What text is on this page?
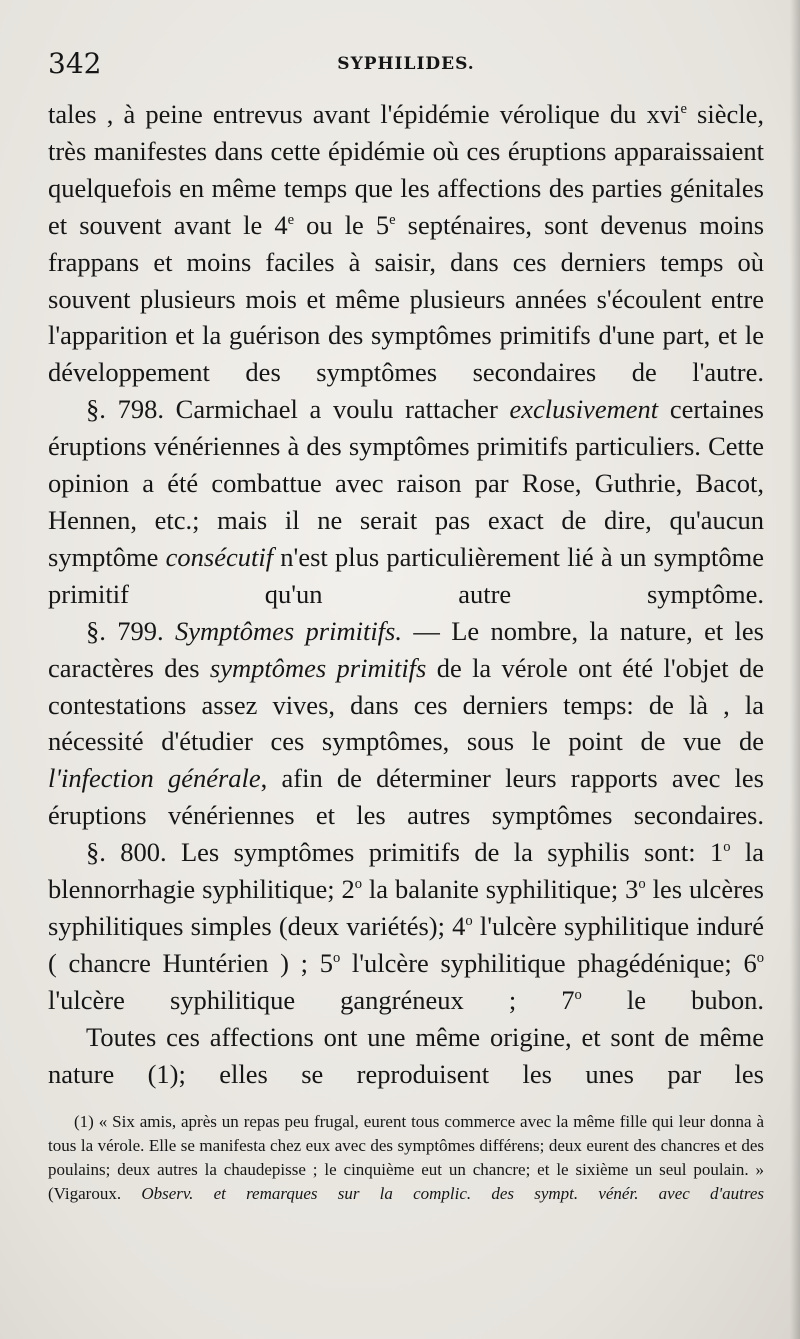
342	SYPHILIDES.

tales , à peine entrevus avant l'épidémie vérolique du xvi$^e$ siècle, très manifestes dans cette épidémie où ces éruptions apparaissaient quelquefois en même temps que les affections des parties génitales et souvent avant le 4e ou le 5e septénaires, sont devenus moins frappans et moins faciles à saisir, dans ces derniers temps où souvent plusieurs mois et même plusieurs années s'écoulent entre l'apparition et la guérison des symptômes primitifs d'une part, et le développement des symptômes secondaires de l'autre.

§. 798. Carmichael a voulu rattacher exclusivement certaines éruptions vénériennes à des symptômes primitifs particuliers. Cette opinion a été combattue avec raison par Rose, Guthrie, Bacot, Hennen, etc.; mais il ne serait pas exact de dire, qu'aucun symptôme consécutif n'est plus particulièrement lié à un symptôme primitif qu'un autre symptôme.

§. 799. Symptômes primitifs. — Le nombre, la nature, et les caractères des symptômes primitifs de la vérole ont été l'objet de contestations assez vives, dans ces derniers temps: de là , la nécessité d'étudier ces symptômes, sous le point de vue de l'infection générale, afin de déterminer leurs rapports avec les éruptions vénériennes et les autres symptômes secondaires.

§. 800. Les symptômes primitifs de la syphilis sont: 1$^o$ la blennorrhagie syphilitique; 2$^o$ la balanite syphilitique; 3$^o$ les ulcères syphilitiques simples (deux variétés); 4$^o$ l'ulcère syphilitique induré ( chancre Huntérien ) ; 5$^o$ l'ulcère syphilitique phagédénique; 6$^o$ l'ulcère syphilitique gangréneux ; 7$^o$ le bubon.

Toutes ces affections ont une même origine, et sont de même nature (1); elles se reproduisent les unes par les

(1) « Six amis, après un repas peu frugal, eurent tous commerce avec la même fille qui leur donna à tous la vérole. Elle se manifesta chez eux avec des symptômes différens; deux eurent des chancres et des poulains; deux autres la chaudepisse ; le cinquième eut un chancre; et le sixième un seul poulain. » (Vigaroux. Observ. et remarques sur la complic. des sympt. vénér. avec d'autres
